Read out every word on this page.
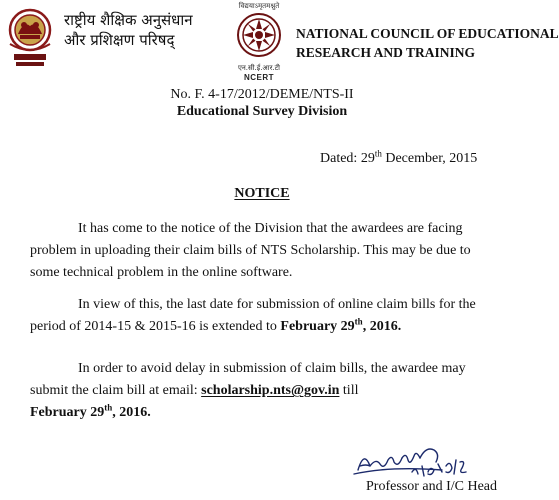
राष्ट्रीय शैक्षिक अनुसंधान
और प्रशिक्षण परिषद्
विद्ययाऽमृतमश्नुते
एन.सी.ई.आर.टी
NCERT
NATIONAL COUNCIL OF EDUCATIONAL
RESEARCH AND TRAINING
No. F. 4-17/2012/DEME/NTS-II
Educational Survey Division
Dated: 29th December, 2015
NOTICE
It has come to the notice of the Division that the awardees are facing
problem in uploading their claim bills of NTS Scholarship. This may be due to
some technical problem in the online software.
In view of this, the last date for submission of online claim bills for the
period of 2014-15 & 2015-16 is extended to February 29th, 2016.
In order to avoid delay in submission of claim bills, the awardee may
submit the claim bill at email: scholarship.nts@gov.in till
February 29th, 2016.
Professor and I/C Head
